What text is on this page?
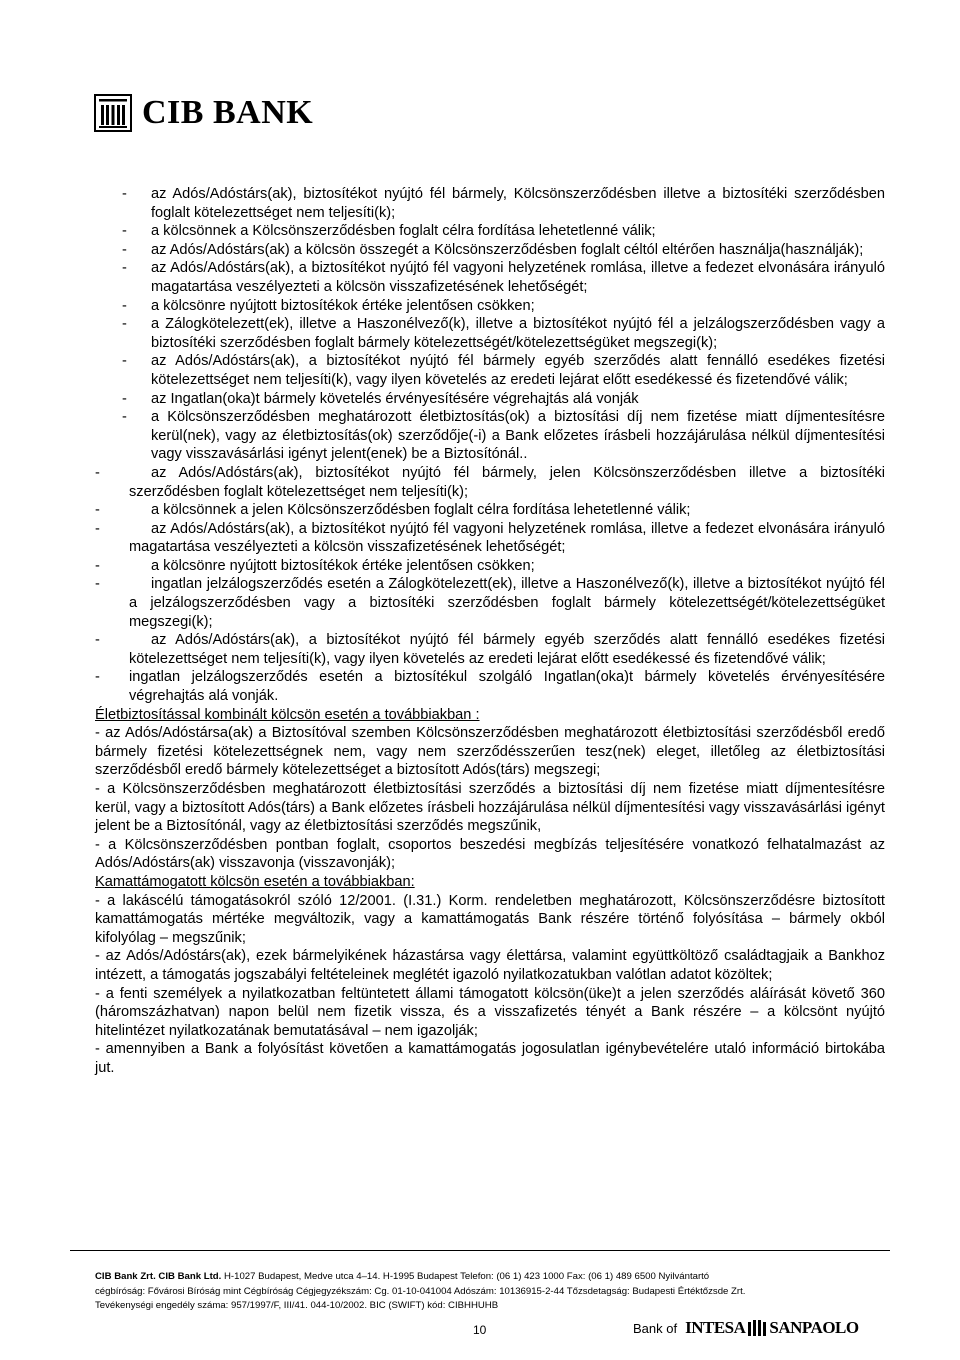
CIB BANK
-	az Adós/Adóstárs(ak), biztosítékot nyújtó fél bármely, Kölcsönszerződésben illetve a biztosítéki szerződésben foglalt kötelezettséget nem teljesíti(k);
-	a kölcsönnek a Kölcsönszerződésben foglalt célra fordítása lehetetlenné válik;
-	az Adós/Adóstárs(ak) a kölcsön összegét a Kölcsönszerződésben foglalt céltól eltérően használja(használják);
-	az Adós/Adóstárs(ak), a biztosítékot nyújtó fél vagyoni helyzetének romlása, illetve a fedezet elvonására irányuló magatartása veszélyezteti a kölcsön visszafizetésének lehetőségét;
-	a kölcsönre nyújtott biztosítékok értéke jelentősen csökken;
-	a Zálogkötelezett(ek), illetve a Haszonélvező(k), illetve a biztosítékot nyújtó fél a jelzálogszerződésben vagy a biztosítéki szerződésben foglalt bármely kötelezettségét/kötelezettségüket megszegi(k);
-	az Adós/Adóstárs(ak), a biztosítékot nyújtó fél bármely egyéb szerződés alatt fennálló esedékes fizetési kötelezettséget nem teljesíti(k), vagy ilyen követelés az eredeti lejárat előtt esedékessé és fizetendővé válik;
-	az Ingatlan(oka)t bármely követelés érvényesítésére végrehajtás alá vonják
-	a Kölcsönszerződésben meghatározott életbiztosítás(ok) a biztosítási díj nem fizetése miatt díjmentesítésre kerül(nek), vagy az életbiztosítás(ok) szerződője(-i) a Bank előzetes írásbeli hozzájárulása nélkül díjmentesítési vagy visszavásárlási igényt jelent(enek) be a Biztosítónál..
-	az Adós/Adóstárs(ak), biztosítékot nyújtó fél bármely, jelen Kölcsönszerződésben illetve a biztosítéki szerződésben foglalt kötelezettséget nem teljesíti(k);
-	a kölcsönnek a jelen Kölcsönszerződésben foglalt célra fordítása lehetetlenné válik;
-	az Adós/Adóstárs(ak), a biztosítékot nyújtó fél vagyoni helyzetének romlása, illetve a fedezet elvonására irányuló magatartása veszélyezteti a kölcsön visszafizetésének lehetőségét;
-	a kölcsönre nyújtott biztosítékok értéke jelentősen csökken;
-	ingatlan jelzálogszerződés esetén a Zálogkötelezett(ek), illetve a Haszonélvező(k), illetve a biztosítékot nyújtó fél a jelzálogszerződésben vagy a biztosítéki szerződésben foglalt bármely kötelezettségét/kötelezettségüket megszegi(k);
-	az Adós/Adóstárs(ak), a biztosítékot nyújtó fél bármely egyéb szerződés alatt fennálló esedékes fizetési kötelezettséget nem teljesíti(k), vagy ilyen követelés az eredeti lejárat előtt esedékessé és fizetendővé válik;
-	ingatlan jelzálogszerződés esetén a biztosítékul szolgáló Ingatlan(oka)t bármely követelés érvényesítésére végrehajtás alá vonják.
Életbiztosítással kombinált kölcsön esetén a továbbiakban :
- az Adós/Adóstársa(ak) a Biztosítóval szemben Kölcsönszerződésben meghatározott életbiztosítási szerződésből eredő bármely fizetési kötelezettségnek nem, vagy nem szerződésszerűen tesz(nek) eleget, illetőleg az életbiztosítási szerződésből eredő bármely kötelezettséget a biztosított Adós(társ) megszegi;
- a Kölcsönszerződésben meghatározott életbiztosítási szerződés a biztosítási díj nem fizetése miatt díjmentesítésre kerül, vagy a biztosított Adós(társ) a Bank előzetes írásbeli hozzájárulása nélkül díjmentesítési vagy visszavásárlási igényt jelent be a Biztosítónál, vagy az életbiztosítási szerződés megszűnik,
- a Kölcsönszerződésben pontban foglalt, csoportos beszedési megbízás teljesítésére vonatkozó felhatalmazást az Adós/Adóstárs(ak) visszavonja (visszavonják);
Kamattámogatott kölcsön esetén a továbbiakban:
- a lakáscélú támogatásokról szóló 12/2001. (I.31.) Korm. rendeletben meghatározott, Kölcsönszerződésre biztosított kamattámogatás mértéke megváltozik, vagy a kamattámogatás Bank részére történő folyósítása – bármely okból kifolyólag – megszűnik;
- az Adós/Adóstárs(ak), ezek bármelyikének házastársa vagy élettársa, valamint együttköltöző családtagjaik a Bankhoz intézett, a támogatás jogszabályi feltételeinek meglétét igazoló nyilatkozatukban valótlan adatot közöltek;
- a fenti személyek a nyilatkozatban feltüntetett állami támogatott kölcsön(üke)t a jelen szerződés aláírását követő 360 (háromszázhatvan) napon belül nem fizetik vissza, és a visszafizetés tényét a Bank részére – a kölcsönt nyújtó hitelintézet nyilatkozatának bemutatásával – nem igazolják;
- amennyiben a Bank a folyósítást követően a kamattámogatás jogosulatlan igénybevételére utaló információ birtokába jut.
CIB Bank Zrt. CIB Bank Ltd. H-1027 Budapest, Medve utca 4–14. H-1995 Budapest Telefon: (06 1) 423 1000 Fax: (06 1) 489 6500 Nyilvántartó
cégbíróság: Fővárosi Bíróság mint Cégbíróság Cégjegyzékszám: Cg. 01-10-041004 Adószám: 10136915-2-44 Tőzsdetagság: Budapesti Értéktőzsde Zrt.
Tevékenységi engedély száma: 957/1997/F, III/41. 044-10/2002. BIC (SWIFT) kód: CIBHHUHB
10	Bank of INTESA SANPAOLO
